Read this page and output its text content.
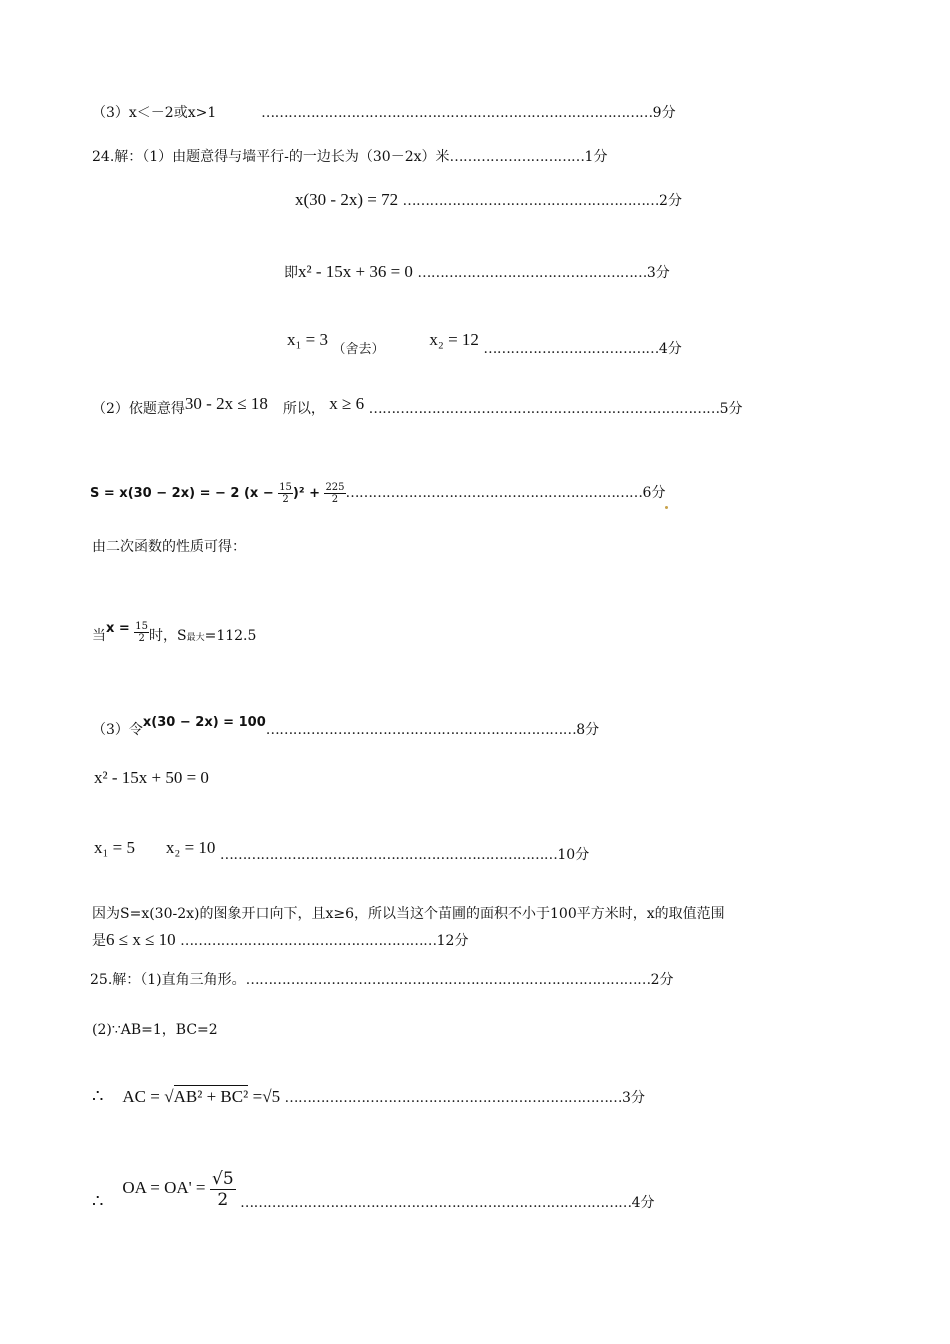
（3）x＜－2或x>1	……………………………………………………………………………9分
24.解：（1）由题意得与墙平行-的一边长为（30－2x）米…………………………1分
x(30 - 2x) = 72 …………………………………………………2分
即x² - 15x + 36 = 0 ……………………………………………3分
x₁ = 3 （舍去）  x₂ = 12 …………………………………4分
（2）依题意得30 - 2x ≤ 18 所以， x ≥ 6 ……………………………………………………………………5分
S = x(30 − 2x) = − 2 $(x - \frac{15}{2} )^2 + \frac{225}{2}$ …………………………………………………………6分
由二次函数的性质可得：
当$x = \frac{15}{2}$ 时，S最大=112.5
（3）令x(30 − 2x) = 100……………………………………………………………8分
x² - 15x + 50 = 0
x₁ = 5 x₂ = 10 …………………………………………………………………10分
因为S=x(30-2x)的图象开口向下，且x≥6，所以当这个苗圃的面积不小于100平方米时，x的取值范围
是6 ≤ x ≤ 10 …………………………………………………12分
25.解：（1)直角三角形。………………………………………………………………………………2分
(2)∵AB=1，BC=2
∴ AC = √AB² + BC² =√5 …………………………………………………………………3分
∴  OA = $OA' = \frac{√5}{2}$ ……………………………………………………………………………4分
